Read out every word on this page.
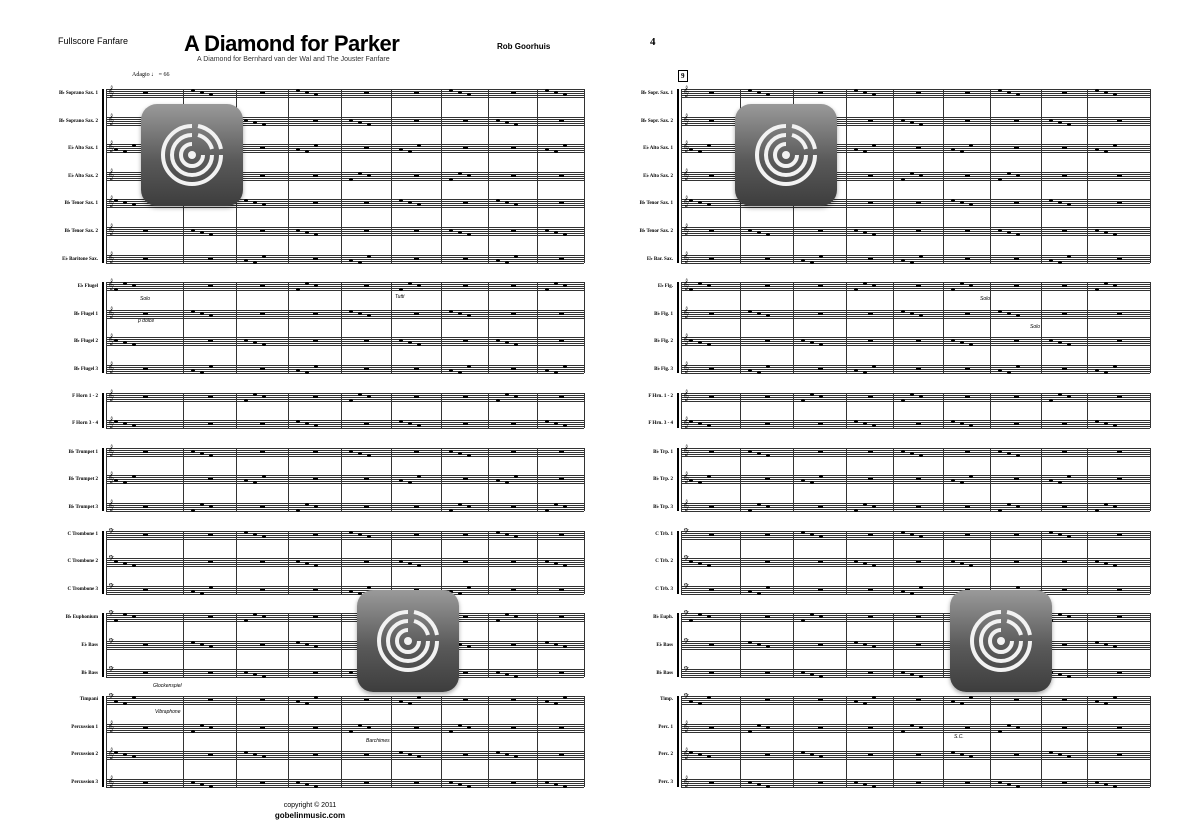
Fullscore Fanfare	A Diamond for Parker
A Diamond for Bernhard van der Wal and The Jouster Fanfare
Rob Goorhuis
Adagio ♩ = 66
B♭ Soprano Sax. 1 𝄞
B♭ Soprano Sax. 2 𝄞
E♭ Alto Sax. 1 𝄞
E♭ Alto Sax. 2 𝄞
B♭ Tenor Sax. 1 𝄞
B♭ Tenor Sax. 2 𝄞
E♭ Baritone Sax. 𝄞
E♭ Flugel 𝄞
B♭ Flugel 1 𝄞
B♭ Flugel 2 𝄞
B♭ Flugel 3 𝄞
F Horn 1 - 2 𝄞
F Horn 3 - 4 𝄞
B♭ Trumpet 1 𝄞
B♭ Trumpet 2 𝄞
B♭ Trumpet 3 𝄞
C Trombone 1 𝄢
C Trombone 2 𝄢
C Trombone 3 𝄢
B♭ Euphonium 𝄢
E♭ Bass 𝄢
B♭ Bass 𝄢
Timpani 𝄢
Percussion 1 𝄞
Percussion 2 𝄞
Percussion 3 𝄞
Solo
p dolce
Tutti
Glockenspiel
Vibraphone
Barchimes
copyright © 2011
gobelinmusic.com
4
9
B♭ Sopr. Sax. 1 𝄞
B♭ Sopr. Sax. 2 𝄞
E♭ Alto Sax. 1 𝄞
E♭ Alto Sax. 2 𝄞
B♭ Tenor Sax. 1 𝄞
B♭ Tenor Sax. 2 𝄞
E♭ Bar. Sax. 𝄞
E♭ Flg. 𝄞
B♭ Flg. 1 𝄞
B♭ Flg. 2 𝄞
B♭ Flg. 3 𝄞
F Hrn. 1 - 2 𝄞
F Hrn. 3 - 4 𝄞
B♭ Trp. 1 𝄞
B♭ Trp. 2 𝄞
B♭ Trp. 3 𝄞
C Trb. 1 𝄢
C Trb. 2 𝄢
C Trb. 3 𝄢
B♭ Euph. 𝄢
E♭ Bass 𝄢
B♭ Bass 𝄢
Timp. 𝄢
Perc. 1 𝄞
Perc. 2 𝄞
Perc. 3 𝄞
Solo
Solo
S.C.
